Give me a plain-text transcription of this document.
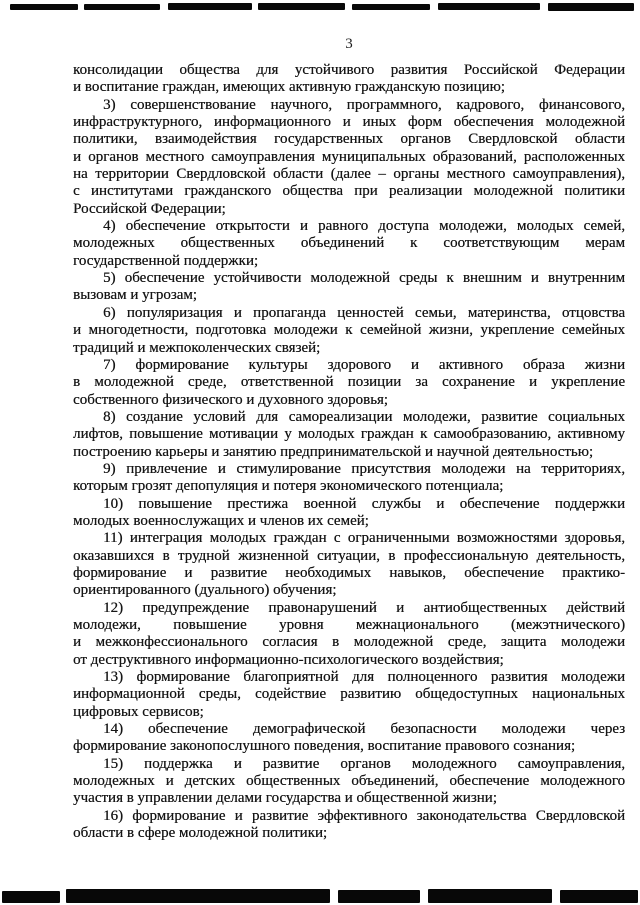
3
консолидации общества для устойчивого развития Российской Федерации
и воспитание граждан, имеющих активную гражданскую позицию;
3) совершенствование научного, программного, кадрового, финансового,
инфраструктурного, информационного и иных форм обеспечения молодежной
политики, взаимодействия государственных органов Свердловской области
и органов местного самоуправления муниципальных образований, расположенных
на территории Свердловской области (далее – органы местного самоуправления),
с институтами гражданского общества при реализации молодежной политики
Российской Федерации;
4) обеспечение открытости и равного доступа молодежи, молодых семей,
молодежных общественных объединений к соответствующим мерам
государственной поддержки;
5) обеспечение устойчивости молодежной среды к внешним и внутренним
вызовам и угрозам;
6) популяризация и пропаганда ценностей семьи, материнства, отцовства
и многодетности, подготовка молодежи к семейной жизни, укрепление семейных
традиций и межпоколенческих связей;
7) формирование культуры здорового и активного образа жизни
в молодежной среде, ответственной позиции за сохранение и укрепление
собственного физического и духовного здоровья;
8) создание условий для самореализации молодежи, развитие социальных
лифтов, повышение мотивации у молодых граждан к самообразованию, активному
построению карьеры и занятию предпринимательской и научной деятельностью;
9) привлечение и стимулирование присутствия молодежи на территориях,
которым грозят депопуляция и потеря экономического потенциала;
10) повышение престижа военной службы и обеспечение поддержки
молодых военнослужащих и членов их семей;
11) интеграция молодых граждан с ограниченными возможностями здоровья,
оказавшихся в трудной жизненной ситуации, в профессиональную деятельность,
формирование и развитие необходимых навыков, обеспечение практико-
ориентированного (дуального) обучения;
12) предупреждение правонарушений и антиобщественных действий
молодежи, повышение уровня межнационального (межэтнического)
и межконфессионального согласия в молодежной среде, защита молодежи
от деструктивного информационно-психологического воздействия;
13) формирование благоприятной для полноценного развития молодежи
информационной среды, содействие развитию общедоступных национальных
цифровых сервисов;
14) обеспечение демографической безопасности молодежи через
формирование законопослушного поведения, воспитание правового сознания;
15) поддержка и развитие органов молодежного самоуправления,
молодежных и детских общественных объединений, обеспечение молодежного
участия в управлении делами государства и общественной жизни;
16) формирование и развитие эффективного законодательства Свердловской
области в сфере молодежной политики;
